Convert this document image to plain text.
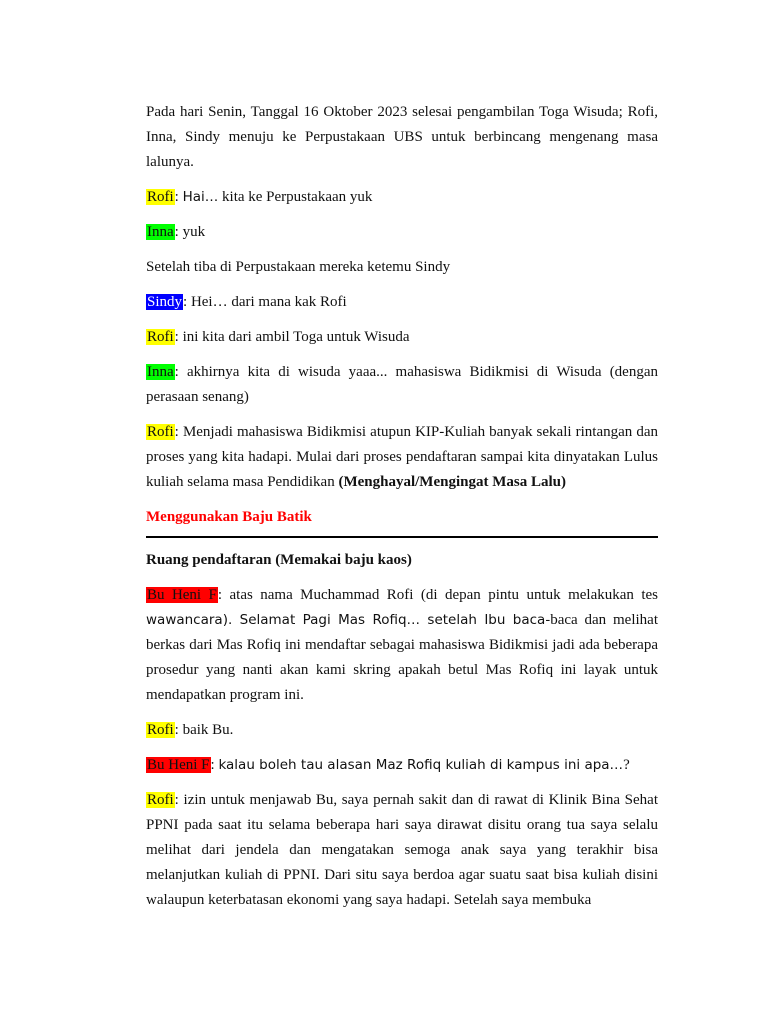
Pada hari Senin, Tanggal 16 Oktober 2023 selesai pengambilan Toga Wisuda; Rofi, Inna, Sindy menuju ke Perpustakaan UBS untuk berbincang mengenang masa lalunya.

Rofi: Hai… kita ke Perpustakaan yuk

Inna: yuk

Setelah tiba di Perpustakaan mereka ketemu Sindy

Sindy: Hei… dari mana kak Rofi

Rofi: ini kita dari ambil Toga untuk Wisuda

Inna: akhirnya kita di wisuda yaaa... mahasiswa Bidikmisi di Wisuda (dengan perasaan senang)

Rofi: Menjadi mahasiswa Bidikmisi atupun KIP-Kuliah banyak sekali rintangan dan proses yang kita hadapi. Mulai dari proses pendaftaran sampai kita dinyatakan Lulus kuliah selama masa Pendidikan (Menghayal/Mengingat Masa Lalu)

Menggunakan Baju Batik

Ruang pendaftaran (Memakai baju kaos)

Bu Heni F: atas nama Muchammad Rofi (di depan pintu untuk melakukan tes wawancara). Selamat Pagi Mas Rofiq… setelah Ibu baca-baca dan melihat berkas dari Mas Rofiq ini mendaftar sebagai mahasiswa Bidikmisi jadi ada beberapa prosedur yang nanti akan kami skring apakah betul Mas Rofiq ini layak untuk mendapatkan program ini.

Rofi: baik Bu.

Bu Heni F: kalau boleh tau alasan Maz Rofiq kuliah di kampus ini apa…?

Rofi: izin untuk menjawab Bu, saya pernah sakit dan di rawat di Klinik Bina Sehat PPNI pada saat itu selama beberapa hari saya dirawat disitu orang tua saya selalu melihat dari jendela dan mengatakan semoga anak saya yang terakhir bisa melanjutkan kuliah di PPNI. Dari situ saya berdoa agar suatu saat bisa kuliah disini walaupun keterbatasan ekonomi yang saya hadapi. Setelah saya membuka
